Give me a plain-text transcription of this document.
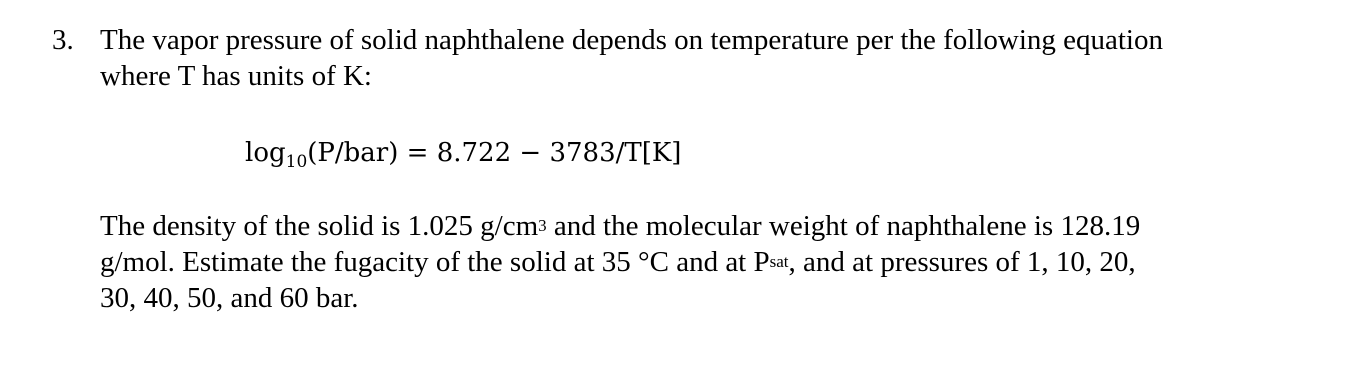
3. The vapor pressure of solid naphthalene depends on temperature per the following equation
where T has units of K:

$\log_{10}(P/bar) = 8.722 - 3783/T[K]$

The density of the solid is 1.025 $g/cm^3$ and the molecular weight of naphthalene is 128.19
g/mol. Estimate the fugacity of the solid at 35 °C and at $P^{sat}$, and at pressures of 1, 10, 20,
30, 40, 50, and 60 bar.
